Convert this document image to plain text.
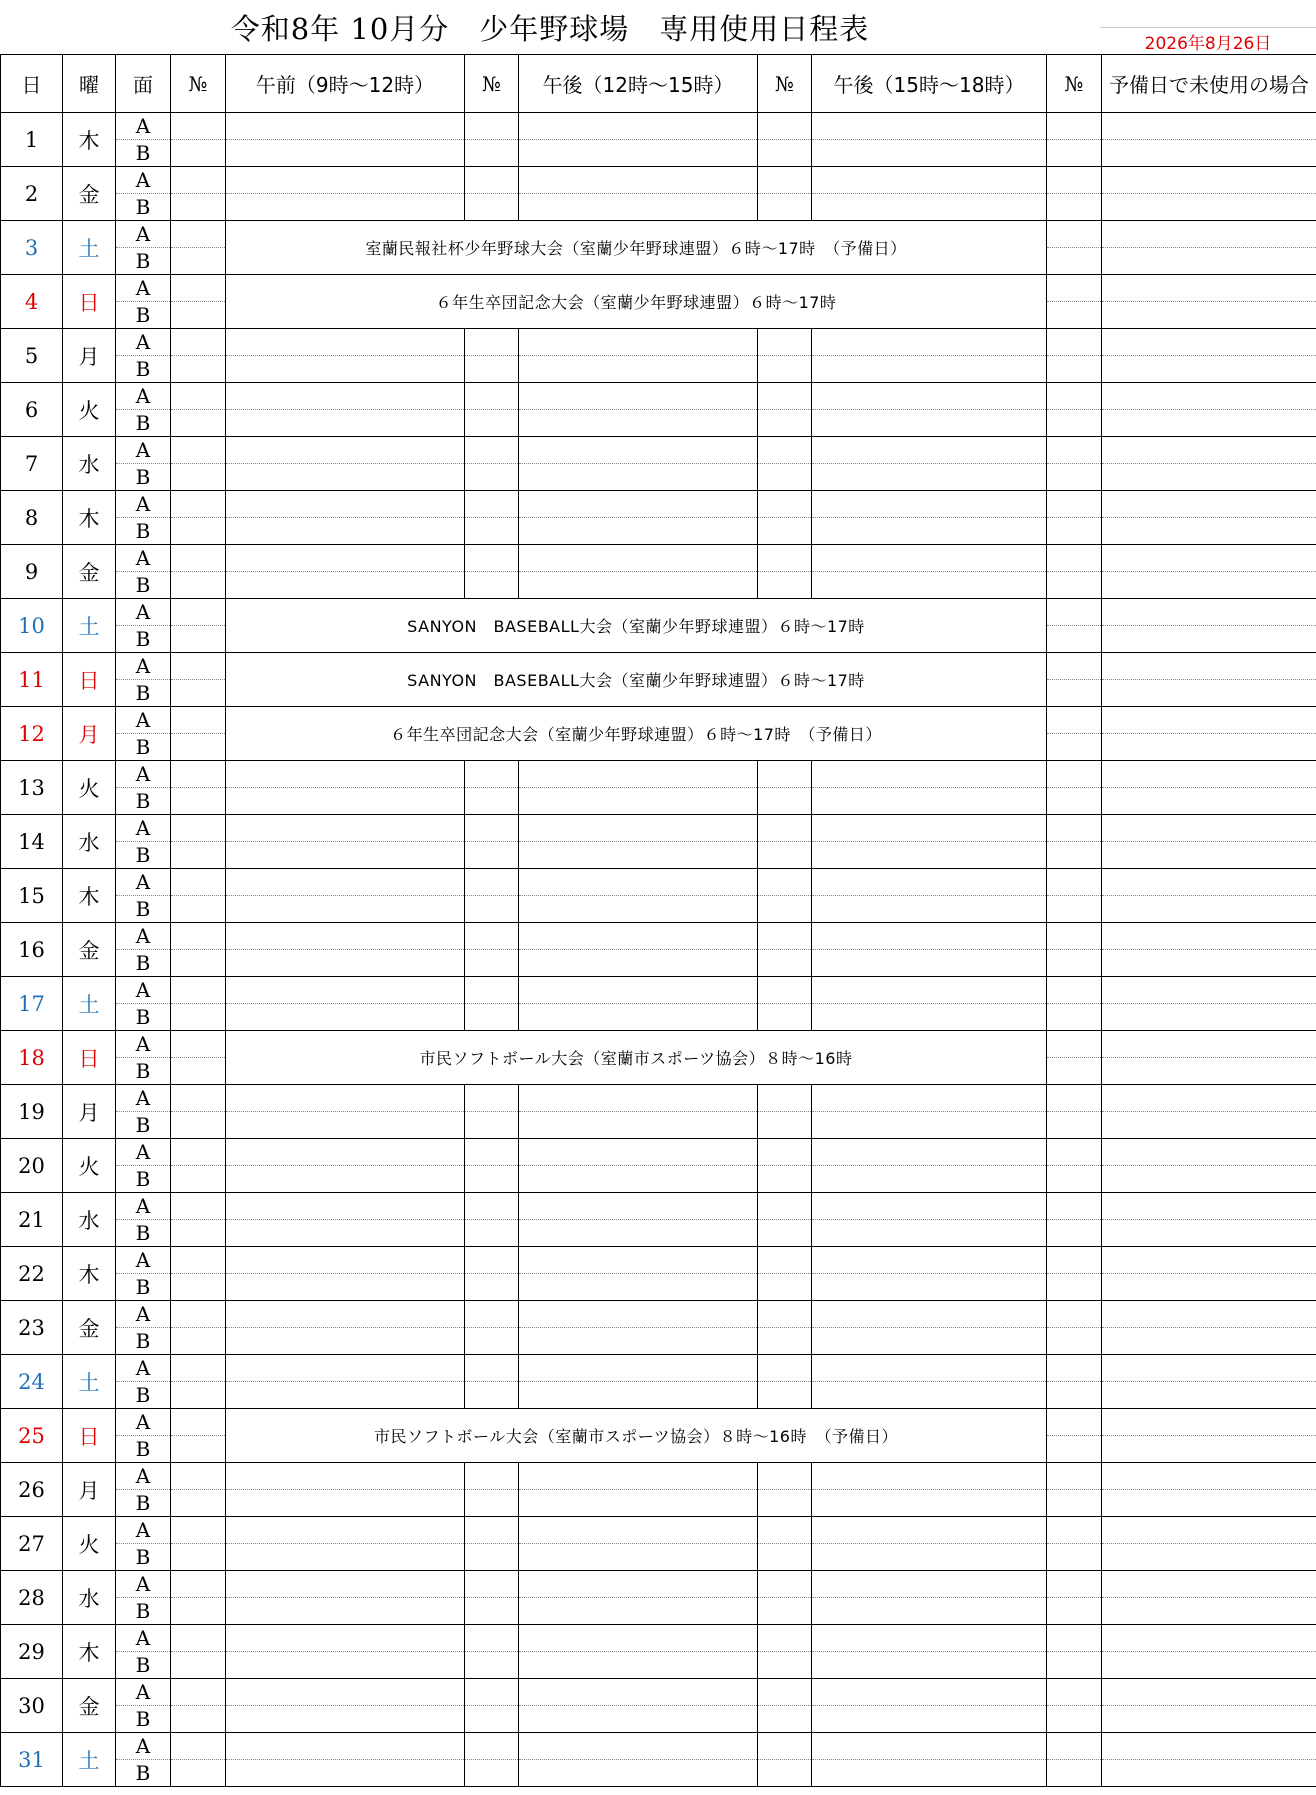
令和8年 10月分　少年野球場　専用使用日程表	2026年8月26日
日	曜	面	№	午前（9時～12時）	№	午後（12時～15時）	№	午後（15時～18時）	№	予備日で未使用の場合
1	木	A								
		B								
2	金	A								
		B								
3	土	A		室蘭民報社杯少年野球大会（室蘭少年野球連盟）６時～17時　（予備日）						
		B								
4	日	A		６年生卒団記念大会（室蘭少年野球連盟）６時～17時						
		B								
5	月	A								
		B								
6	火	A								
		B								
7	水	A								
		B								
8	木	A								
		B								
9	金	A								
		B								
10	土	A		SANYON　BASEBALL大会（室蘭少年野球連盟）６時～17時						
		B								
11	日	A		SANYON　BASEBALL大会（室蘭少年野球連盟）６時～17時						
		B								
12	月	A		６年生卒団記念大会（室蘭少年野球連盟）６時～17時　（予備日）						
		B								
13	火	A								
		B								
14	水	A								
		B								
15	木	A								
		B								
16	金	A								
		B								
17	土	A								
		B								
18	日	A		市民ソフトボール大会（室蘭市スポーツ協会）８時～16時						
		B								
19	月	A								
		B								
20	火	A								
		B								
21	水	A								
		B								
22	木	A								
		B								
23	金	A								
		B								
24	土	A								
		B								
25	日	A		市民ソフトボール大会（室蘭市スポーツ協会）８時～16時　（予備日）						
		B								
26	月	A								
		B								
27	火	A								
		B								
28	水	A								
		B								
29	木	A								
		B								
30	金	A								
		B								
31	土	A								
		B								
